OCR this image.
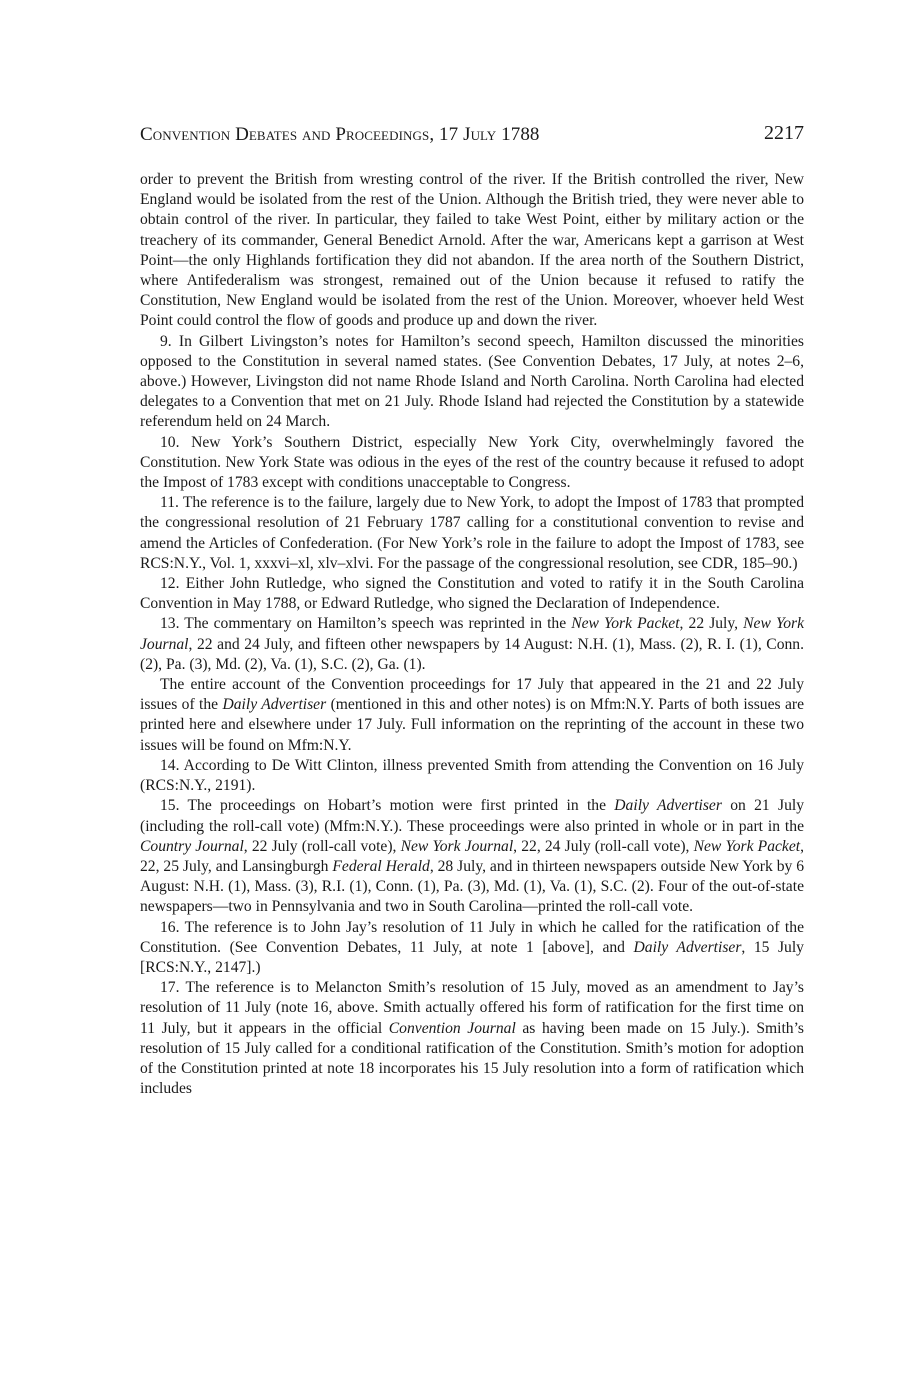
Convention Debates and Proceedings, 17 July 1788	2217

order to prevent the British from wresting control of the river. If the British controlled the river, New England would be isolated from the rest of the Union. Although the British tried, they were never able to obtain control of the river. In particular, they failed to take West Point, either by military action or the treachery of its commander, General Benedict Arnold. After the war, Americans kept a garrison at West Point—the only Highlands fortification they did not abandon. If the area north of the Southern District, where Antifederalism was strongest, remained out of the Union because it refused to ratify the Constitution, New England would be isolated from the rest of the Union. Moreover, whoever held West Point could control the flow of goods and produce up and down the river.

9. In Gilbert Livingston’s notes for Hamilton’s second speech, Hamilton discussed the minorities opposed to the Constitution in several named states. (See Convention Debates, 17 July, at notes 2–6, above.) However, Livingston did not name Rhode Island and North Carolina. North Carolina had elected delegates to a Convention that met on 21 July. Rhode Island had rejected the Constitution by a statewide referendum held on 24 March.

10. New York’s Southern District, especially New York City, overwhelmingly favored the Constitution. New York State was odious in the eyes of the rest of the country because it refused to adopt the Impost of 1783 except with conditions unacceptable to Congress.

11. The reference is to the failure, largely due to New York, to adopt the Impost of 1783 that prompted the congressional resolution of 21 February 1787 calling for a constitutional convention to revise and amend the Articles of Confederation. (For New York’s role in the failure to adopt the Impost of 1783, see RCS:N.Y., Vol. 1, xxxvi–xl, xlv–xlvi. For the passage of the congressional resolution, see CDR, 185–90.)

12. Either John Rutledge, who signed the Constitution and voted to ratify it in the South Carolina Convention in May 1788, or Edward Rutledge, who signed the Declaration of Independence.

13. The commentary on Hamilton’s speech was reprinted in the New York Packet, 22 July, New York Journal, 22 and 24 July, and fifteen other newspapers by 14 August: N.H. (1), Mass. (2), R. I. (1), Conn. (2), Pa. (3), Md. (2), Va. (1), S.C. (2), Ga. (1).

The entire account of the Convention proceedings for 17 July that appeared in the 21 and 22 July issues of the Daily Advertiser (mentioned in this and other notes) is on Mfm:N.Y. Parts of both issues are printed here and elsewhere under 17 July. Full information on the reprinting of the account in these two issues will be found on Mfm:N.Y.

14. According to De Witt Clinton, illness prevented Smith from attending the Convention on 16 July (RCS:N.Y., 2191).

15. The proceedings on Hobart’s motion were first printed in the Daily Advertiser on 21 July (including the roll-call vote) (Mfm:N.Y.). These proceedings were also printed in whole or in part in the Country Journal, 22 July (roll-call vote), New York Journal, 22, 24 July (roll-call vote), New York Packet, 22, 25 July, and Lansingburgh Federal Herald, 28 July, and in thirteen newspapers outside New York by 6 August: N.H. (1), Mass. (3), R.I. (1), Conn. (1), Pa. (3), Md. (1), Va. (1), S.C. (2). Four of the out-of-state newspapers—two in Pennsylvania and two in South Carolina—printed the roll-call vote.

16. The reference is to John Jay’s resolution of 11 July in which he called for the ratification of the Constitution. (See Convention Debates, 11 July, at note 1 [above], and Daily Advertiser, 15 July [RCS:N.Y., 2147].)

17. The reference is to Melancton Smith’s resolution of 15 July, moved as an amendment to Jay’s resolution of 11 July (note 16, above. Smith actually offered his form of ratification for the first time on 11 July, but it appears in the official Convention Journal as having been made on 15 July.). Smith’s resolution of 15 July called for a conditional ratification of the Constitution. Smith’s motion for adoption of the Constitution printed at note 18 incorporates his 15 July resolution into a form of ratification which includes
